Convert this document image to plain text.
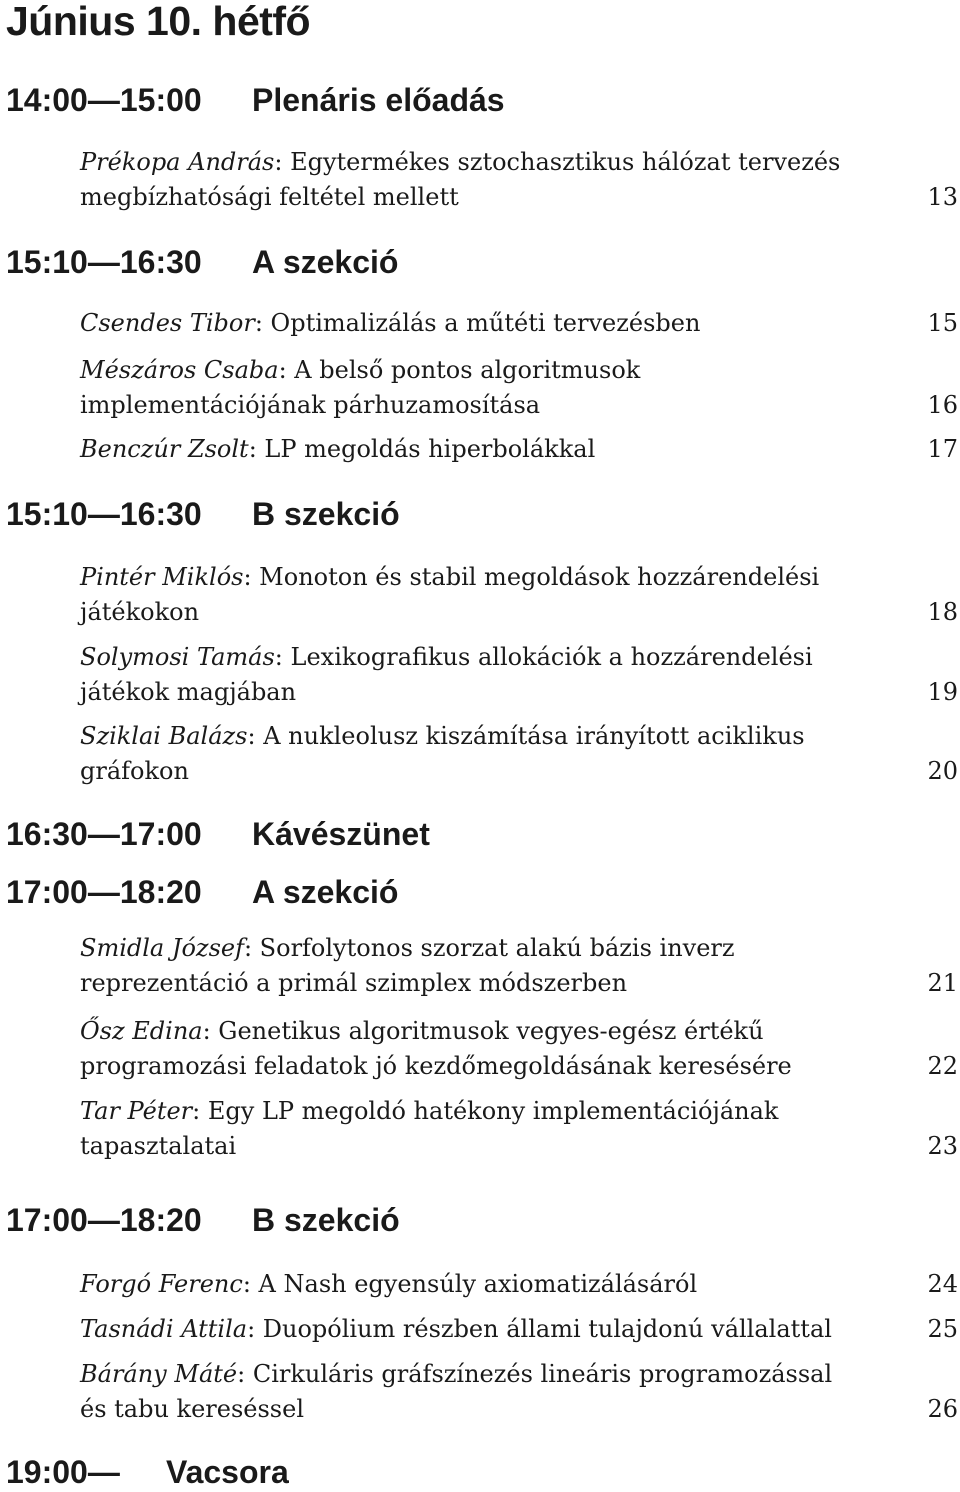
Június 10. hétfő
14:00—15:00 Plenáris előadás
Prékopa András: Egytermékes sztochasztikus hálózat tervezés
megbízhatósági feltétel mellett	13
15:10—16:30 A szekció
Csendes Tibor: Optimalizálás a műtéti tervezésben	15
Mészáros Csaba: A belső pontos algoritmusok
implementációjának párhuzamosítása	16
Benczúr Zsolt: LP megoldás hiperbolákkal	17
15:10—16:30 B szekció
Pintér Miklós: Monoton és stabil megoldások hozzárendelési
játékokon	18
Solymosi Tamás: Lexikografikus allokációk a hozzárendelési
játékok magjában	19
Sziklai Balázs: A nukleolusz kiszámítása irányított aciklikus
gráfokon	20
16:30—17:00 Kávészünet
17:00—18:20 A szekció
Smidla József: Sorfolytonos szorzat alakú bázis inverz
reprezentáció a primál szimplex módszerben	21
Ősz Edina: Genetikus algoritmusok vegyes-egész értékű
programozási feladatok jó kezdőmegoldásának keresésére	22
Tar Péter: Egy LP megoldó hatékony implementációjának
tapasztalatai	23
17:00—18:20 B szekció
Forgó Ferenc: A Nash egyensúly axiomatizálásáról	24
Tasnádi Attila: Duopólium részben állami tulajdonú vállalattal	25
Bárány Máté: Cirkuláris gráfszínezés lineáris programozással
és tabu kereséssel	26
19:00— Vacsora
